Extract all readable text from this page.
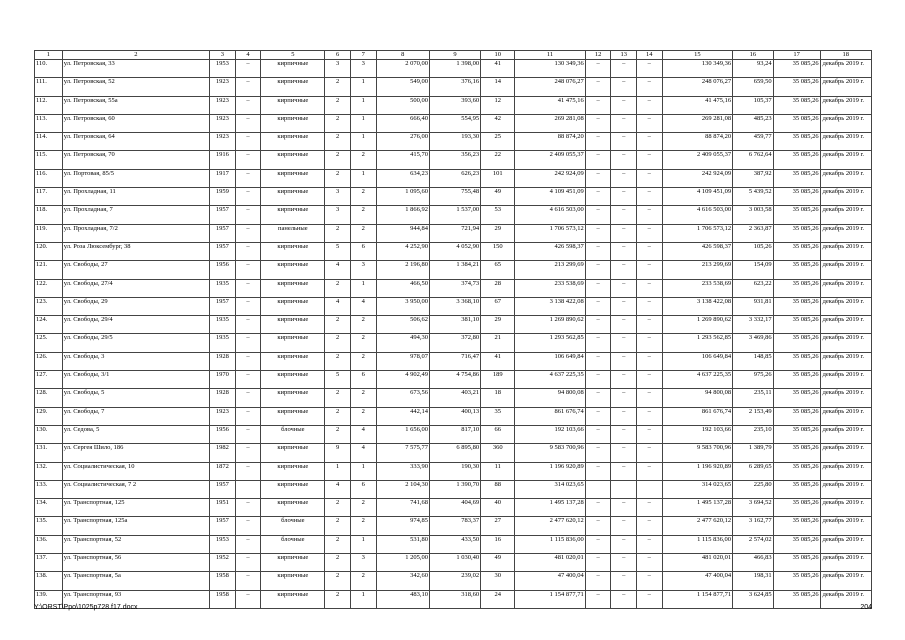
1	2	3	4	5	6	7	8	9	10	11	12	13	14	15	16	17	18
110.	ул. Петровская, 33	1953	–	кирпичные	3	3	2 070,00	1 398,00	41	130 349,36	–	–	–	130 349,36	93,24	35 085,26	декабрь 2019 г.
111.	ул. Петровская, 52	1923	–	кирпичные	2	1	549,00	376,16	14	248 076,27	–	–	–	248 076,27	659,50	35 085,26	декабрь 2019 г.
112.	ул. Петровская, 55а	1923	–	кирпичные	2	1	500,00	393,60	12	41 475,16	–	–	–	41 475,16	105,37	35 085,26	декабрь 2019 г.
113.	ул. Петровская, 60	1923	–	кирпичные	2	1	666,40	554,95	42	269 281,08	–	–	–	269 281,08	485,23	35 085,26	декабрь 2019 г.
114.	ул. Петровская, 64	1923	–	кирпичные	2	1	276,00	193,30	25	88 874,20	–	–	–	88 874,20	459,77	35 085,26	декабрь 2019 г.
115.	ул. Петровская, 70	1916	–	кирпичные	2	2	415,70	356,23	22	2 409 055,37	–	–	–	2 409 055,37	6 762,64	35 085,26	декабрь 2019 г.
116.	ул. Портовая, 85/5	1917	–	кирпичные	2	1	634,23	626,23	101	242 924,09	–	–	–	242 924,09	387,92	35 085,26	декабрь 2019 г.
117.	ул. Прохладная, 11	1959	–	кирпичные	3	2	1 095,60	755,48	49	4 109 451,09	–	–	–	4 109 451,09	5 439,52	35 085,26	декабрь 2019 г.
118.	ул. Прохладная, 7	1957	–	кирпичные	3	2	1 866,92	1 537,00	53	4 616 503,00	–	–	–	4 616 503,00	3 003,58	35 085,26	декабрь 2019 г.
119.	ул. Прохладная, 7/2	1957	–	панельные	2	2	944,84	721,94	29	1 706 573,12	–	–	–	1 706 573,12	2 363,87	35 085,26	декабрь 2019 г.
120.	ул. Роза Люксембург, 38	1957	–	кирпичные	5	6	4 252,90	4 052,90	150	426 598,37	–	–	–	426 598,37	105,26	35 085,26	декабрь 2019 г.
121.	ул. Свободы, 27	1956	–	кирпичные	4	3	2 196,80	1 384,21	65	213 299,69	–	–	–	213 299,69	154,09	35 085,26	декабрь 2019 г.
122.	ул. Свободы, 27/4	1935	–	кирпичные	2	1	466,50	374,73	28	233 538,69	–	–	–	233 538,69	623,22	35 085,26	декабрь 2019 г.
123.	ул. Свободы, 29	1957	–	кирпичные	4	4	3 950,00	3 368,10	67	3 138 422,08	–	–	–	3 138 422,08	931,81	35 085,26	декабрь 2019 г.
124.	ул. Свободы, 29/4	1935	–	кирпичные	2	2	506,62	381,10	29	1 269 890,62	–	–	–	1 269 890,62	3 332,17	35 085,26	декабрь 2019 г.
125.	ул. Свободы, 29/5	1935	–	кирпичные	2	2	494,30	372,80	21	1 293 562,85	–	–	–	1 293 562,85	3 469,86	35 085,26	декабрь 2019 г.
126.	ул. Свободы, 3	1928	–	кирпичные	2	2	978,07	716,47	41	106 649,84	–	–	–	106 649,84	148,85	35 085,26	декабрь 2019 г.
127.	ул. Свободы, 3/1	1970	–	кирпичные	5	6	4 902,49	4 754,86	189	4 637 225,35	–	–	–	4 637 225,35	975,26	35 085,26	декабрь 2019 г.
128.	ул. Свободы, 5	1928	–	кирпичные	2	2	673,56	403,21	18	94 800,08	–	–	–	94 800,08	235,11	35 085,26	декабрь 2019 г.
129.	ул. Свободы, 7	1923	–	кирпичные	2	2	442,14	400,13	35	861 676,74	–	–	–	861 676,74	2 153,49	35 085,26	декабрь 2019 г.
130.	ул. Седова, 5	1956	–	блочные	2	4	1 656,00	817,10	66	192 103,66	–	–	–	192 103,66	235,10	35 085,26	декабрь 2019 г.
131.	ул. Сергея Шило, 186	1982	–	кирпичные	9	4	7 575,77	6 895,80	360	9 583 700,96	–	–	–	9 583 700,96	1 389,79	35 085,26	декабрь 2019 г.
132.	ул. Социалистическая, 10	1872	–	кирпичные	1	1	333,90	190,30	11	1 196 920,89	–	–	–	1 196 920,89	6 289,65	35 085,26	декабрь 2019 г.
133.	ул. Социалистическая, 7 2	1957		кирпичные	4	6	2 104,30	1 390,70	88	314 023,65				314 023,65	225,80	35 085,26	декабрь 2019 г.
134.	ул. Транспортная, 125	1951	–	кирпичные	2	2	741,68	404,69	40	1 495 137,28	–	–	–	1 495 137,28	3 694,52	35 085,26	декабрь 2019 г.
135.	ул. Транспортная, 125а	1957	–	блочные	2	2	974,85	783,37	27	2 477 620,12	–	–	–	2 477 620,12	3 162,77	35 085,26	декабрь 2019 г.
136.	ул. Транспортная, 52	1953	–	блочные	2	1	531,80	433,50	16	1 115 836,00	–	–	–	1 115 836,00	2 574,02	35 085,26	декабрь 2019 г.
137.	ул. Транспортная, 56	1952	–	кирпичные	2	3	1 205,00	1 030,40	49	481 020,01	–	–	–	481 020,01	466,83	35 085,26	декабрь 2019 г.
138.	ул. Транспортная, 5а	1958	–	кирпичные	2	2	342,60	239,02	30	47 400,04	–	–	–	47 400,04	198,31	35 085,26	декабрь 2019 г.
139.	ул. Транспортная, 93	1958	–	кирпичные	2	1	483,10	318,60	24	1 154 877,71	–	–	–	1 154 877,71	3 624,85	35 085,26	декабрь 2019 г.
Y:\ORST\Ppo\1025p728.f17.docx	204
